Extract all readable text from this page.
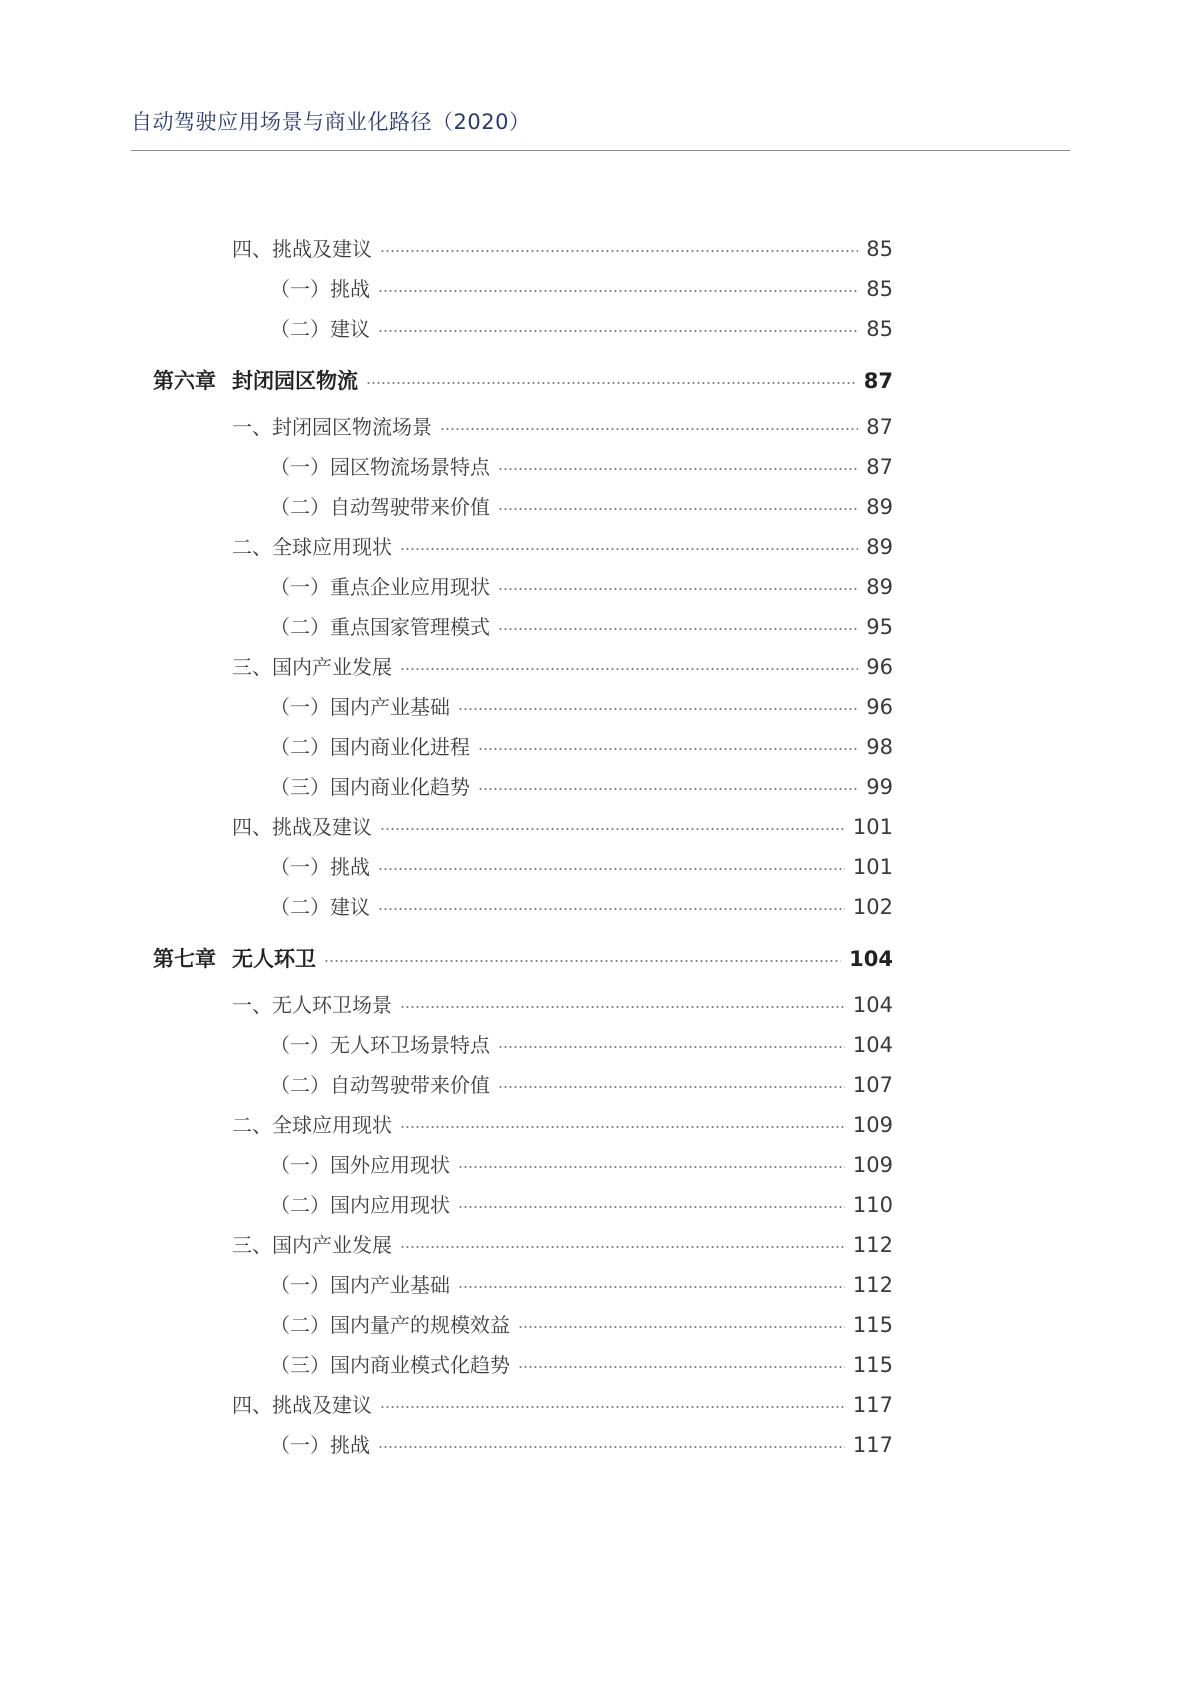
自动驾驶应用场景与商业化路径（2020）
四、挑战及建议	85
（一）挑战	85
（二）建议	85
第六章 封闭园区物流	87
一、封闭园区物流场景	87
（一）园区物流场景特点	87
（二）自动驾驶带来价值	89
二、全球应用现状	89
（一）重点企业应用现状	89
（二）重点国家管理模式	95
三、国内产业发展	96
（一）国内产业基础	96
（二）国内商业化进程	98
（三）国内商业化趋势	99
四、挑战及建议	101
（一）挑战	101
（二）建议	102
第七章 无人环卫	104
一、无人环卫场景	104
（一）无人环卫场景特点	104
（二）自动驾驶带来价值	107
二、全球应用现状	109
（一）国外应用现状	109
（二）国内应用现状	110
三、国内产业发展	112
（一）国内产业基础	112
（二）国内量产的规模效益	115
（三）国内商业模式化趋势	115
四、挑战及建议	117
（一）挑战	117
